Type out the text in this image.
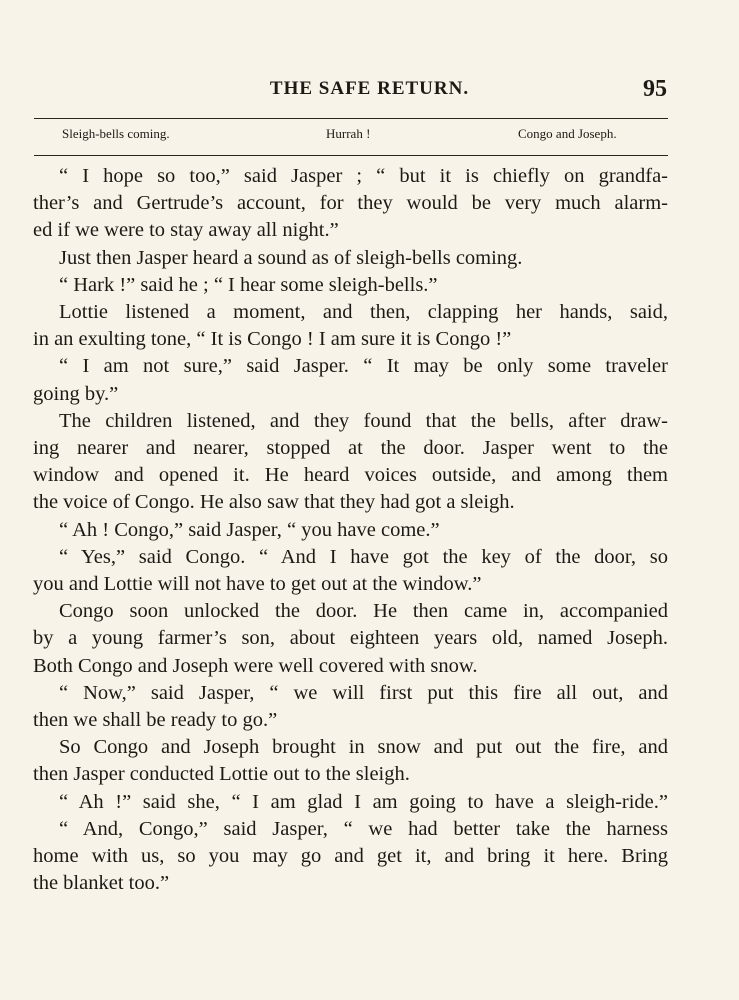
THE SAFE RETURN.	95
Sleigh-bells coming.	Hurrah !	Congo and Joseph.
“ I hope so too,” said Jasper ; “ but it is chiefly on grandfa-
ther’s and Gertrude’s account, for they would be very much alarm-
ed if we were to stay away all night.”
Just then Jasper heard a sound as of sleigh-bells coming.
“ Hark !” said he ; “ I hear some sleigh-bells.”
Lottie listened a moment, and then, clapping her hands, said,
in an exulting tone, “ It is Congo ! I am sure it is Congo !”
“ I am not sure,” said Jasper. “ It may be only some traveler
going by.”
The children listened, and they found that the bells, after draw-
ing nearer and nearer, stopped at the door. Jasper went to the
window and opened it. He heard voices outside, and among them
the voice of Congo. He also saw that they had got a sleigh.
“ Ah ! Congo,” said Jasper, “ you have come.”
“ Yes,” said Congo. “ And I have got the key of the door, so
you and Lottie will not have to get out at the window.”
Congo soon unlocked the door. He then came in, accompanied
by a young farmer’s son, about eighteen years old, named Joseph.
Both Congo and Joseph were well covered with snow.
“ Now,” said Jasper, “ we will first put this fire all out, and
then we shall be ready to go.”
So Congo and Joseph brought in snow and put out the fire, and
then Jasper conducted Lottie out to the sleigh.
“ Ah !” said she, “ I am glad I am going to have a sleigh-ride.”
“ And, Congo,” said Jasper, “ we had better take the harness
home with us, so you may go and get it, and bring it here. Bring
the blanket too.”
